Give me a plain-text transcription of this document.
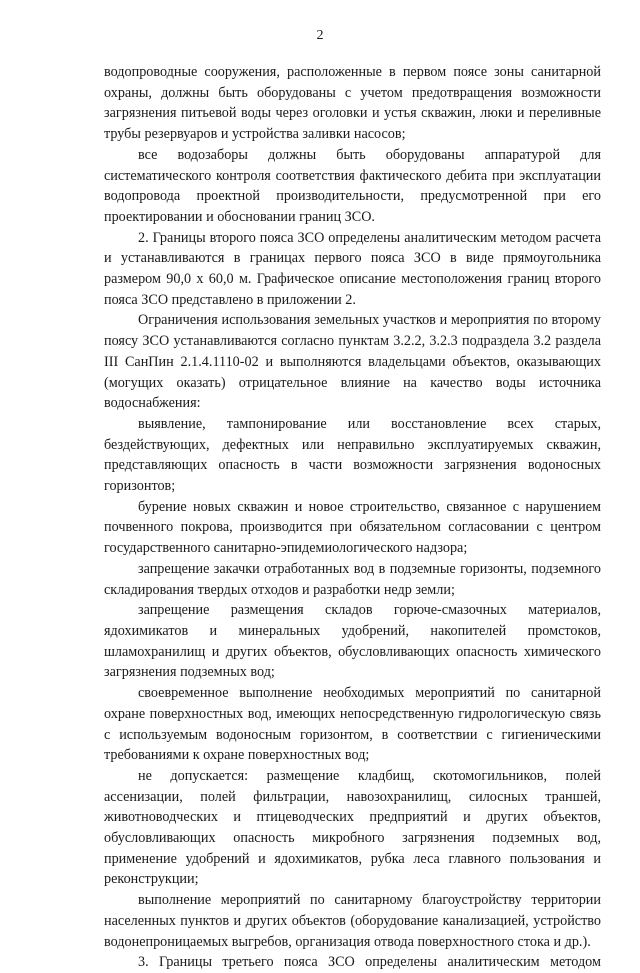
2

водопроводные сооружения, расположенные в первом поясе зоны санитарной охраны, должны быть оборудованы с учетом предотвращения возможности загрязнения питьевой воды через оголовки и устья скважин, люки и переливные трубы резервуаров и устройства заливки насосов;

все водозаборы должны быть оборудованы аппаратурой для систематического контроля соответствия фактического дебита при эксплуатации водопровода проектной производительности, предусмотренной при его проектировании и обосновании границ ЗСО.

2. Границы второго пояса ЗСО определены аналитическим методом расчета и устанавливаются в границах первого пояса ЗСО в виде прямоугольника размером 90,0 х 60,0 м. Графическое описание местоположения границ второго пояса ЗСО представлено в приложении 2.

Ограничения использования земельных участков и мероприятия по второму поясу ЗСО устанавливаются согласно пунктам 3.2.2, 3.2.3 подраздела 3.2 раздела III СанПин 2.1.4.1110-02 и выполняются владельцами объектов, оказывающих (могущих оказать) отрицательное влияние на качество воды источника водоснабжения:

выявление, тампонирование или восстановление всех старых, бездействующих, дефектных или неправильно эксплуатируемых скважин, представляющих опасность в части возможности загрязнения водоносных горизонтов;

бурение новых скважин и новое строительство, связанное с нарушением почвенного покрова, производится при обязательном согласовании с центром государственного санитарно-эпидемиологического надзора;

запрещение закачки отработанных вод в подземные горизонты, подземного складирования твердых отходов и разработки недр земли;

запрещение размещения складов горюче-смазочных материалов, ядохимикатов и минеральных удобрений, накопителей промстоков, шламохранилищ и других объектов, обусловливающих опасность химического загрязнения подземных вод;

своевременное выполнение необходимых мероприятий по санитарной охране поверхностных вод, имеющих непосредственную гидрологическую связь с используемым водоносным горизонтом, в соответствии с гигиеническими требованиями к охране поверхностных вод;

не допускается: размещение кладбищ, скотомогильников, полей ассенизации, полей фильтрации, навозохранилищ, силосных траншей, животноводческих и птицеводческих предприятий и других объектов, обусловливающих опасность микробного загрязнения подземных вод, применение удобрений и ядохимикатов, рубка леса главного пользования и реконструкции;

выполнение мероприятий по санитарному благоустройству территории населенных пунктов и других объектов (оборудование канализацией, устройство водонепроницаемых выгребов, организация отвода поверхностного стока и др.).

3. Границы третьего пояса ЗСО определены аналитическим методом
